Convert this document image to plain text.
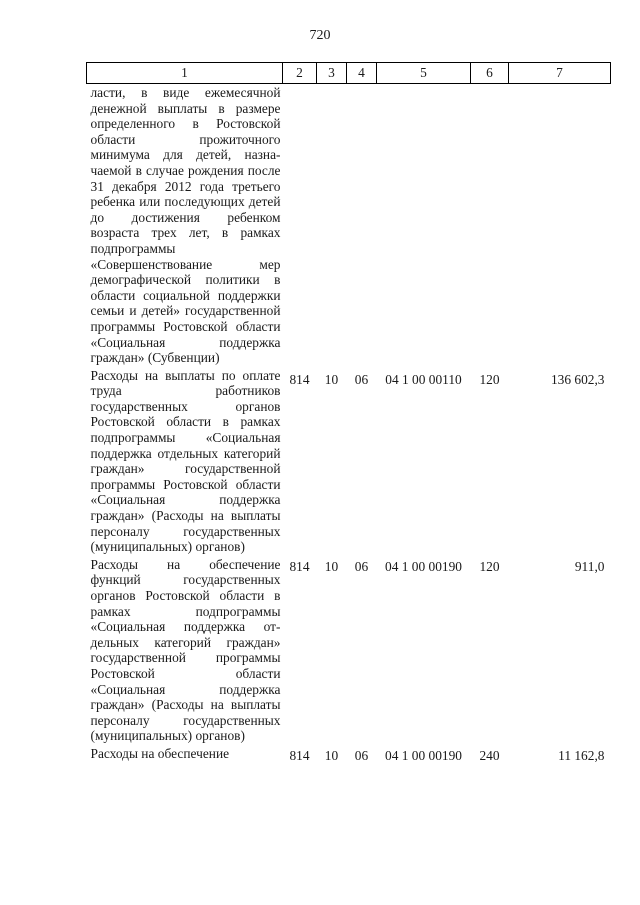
720
1	2	3	4	5	6	7
ласти, в виде ежемесячной денежной выплаты в размере определенного в Ростовской области прожиточного минимума для детей, назначаемой в случае рождения после 31 декабря 2012 года третьего ребенка или последующих детей до достижения ребенком возраста трех лет, в рамках подпрограммы «Совершенствование мер демографической политики в области социальной поддержки семьи и детей» государственной программы Ростовской области «Социальная поддержка граждан» (Субвенции)						
Расходы на выплаты по оплате труда работников государственных органов Ростовской области в рамках подпрограммы «Социальная поддержка отдельных категорий граждан» государственной программы Ростовской области «Социальная поддержка граждан» (Расходы на выплаты персоналу государственных (муниципальных) органов)	814	10	06	04 1 00 00110	120	136 602,3
Расходы на обеспечение функций государственных органов Ростовской области в рамках подпрограммы «Социальная поддержка отдельных категорий граждан» государственной программы Ростовской области «Социальная поддержка граждан» (Расходы на выплаты персоналу государственных (муниципальных) органов)	814	10	06	04 1 00 00190	120	911,0
Расходы на обеспечение	814	10	06	04 1 00 00190	240	11 162,8
